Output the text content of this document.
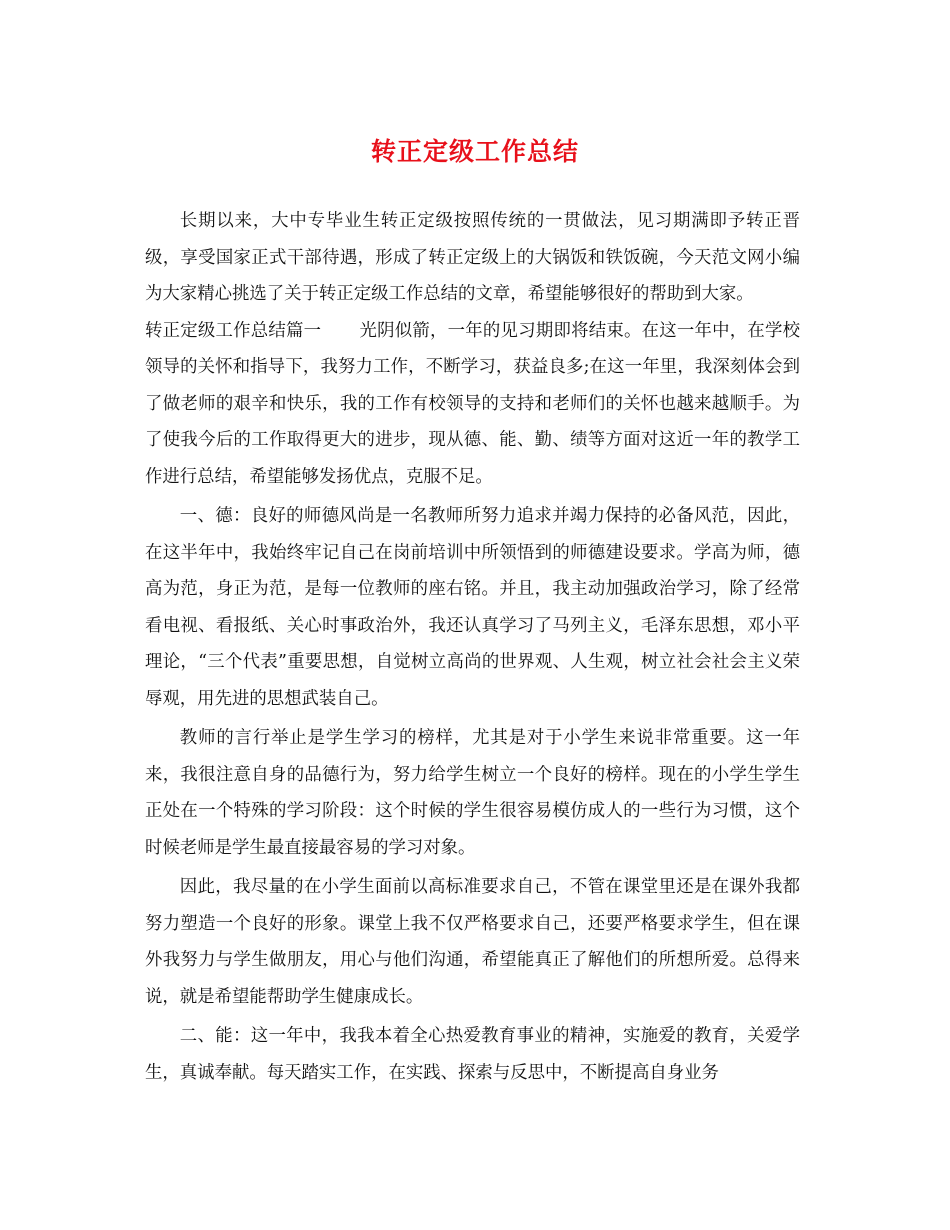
转正定级工作总结

长期以来，大中专毕业生转正定级按照传统的一贯做法，见习期满即予转正晋级，享受国家正式干部待遇，形成了转正定级上的大锅饭和铁饭碗，今天范文网小编为大家精心挑选了关于转正定级工作总结的文章，希望能够很好的帮助到大家。

转正定级工作总结篇一 光阴似箭，一年的见习期即将结束。在这一年中，在学校领导的关怀和指导下，我努力工作，不断学习，获益良多;在这一年里，我深刻体会到了做老师的艰辛和快乐，我的工作有校领导的支持和老师们的关怀也越来越顺手。为了使我今后的工作取得更大的进步，现从德、能、勤、绩等方面对这近一年的教学工作进行总结，希望能够发扬优点，克服不足。

一、德：良好的师德风尚是一名教师所努力追求并竭力保持的必备风范，因此，在这半年中，我始终牢记自己在岗前培训中所领悟到的师德建设要求。学高为师，德高为范，身正为范，是每一位教师的座右铭。并且，我主动加强政治学习，除了经常看电视、看报纸、关心时事政治外，我还认真学习了马列主义，毛泽东思想，邓小平理论，“三个代表”重要思想，自觉树立高尚的世界观、人生观，树立社会社会主义荣辱观，用先进的思想武装自己。

教师的言行举止是学生学习的榜样，尤其是对于小学生来说非常重要。这一年来，我很注意自身的品德行为，努力给学生树立一个良好的榜样。现在的小学生学生正处在一个特殊的学习阶段：这个时候的学生很容易模仿成人的一些行为习惯，这个时候老师是学生最直接最容易的学习对象。

因此，我尽量的在小学生面前以高标准要求自己，不管在课堂里还是在课外我都努力塑造一个良好的形象。课堂上我不仅严格要求自己，还要严格要求学生，但在课外我努力与学生做朋友，用心与他们沟通，希望能真正了解他们的所想所爱。总得来说，就是希望能帮助学生健康成长。

二、能：这一年中，我我本着全心热爱教育事业的精神，实施爱的教育，关爱学生，真诚奉献。每天踏实工作，在实践、探索与反思中，不断提高自身业务
